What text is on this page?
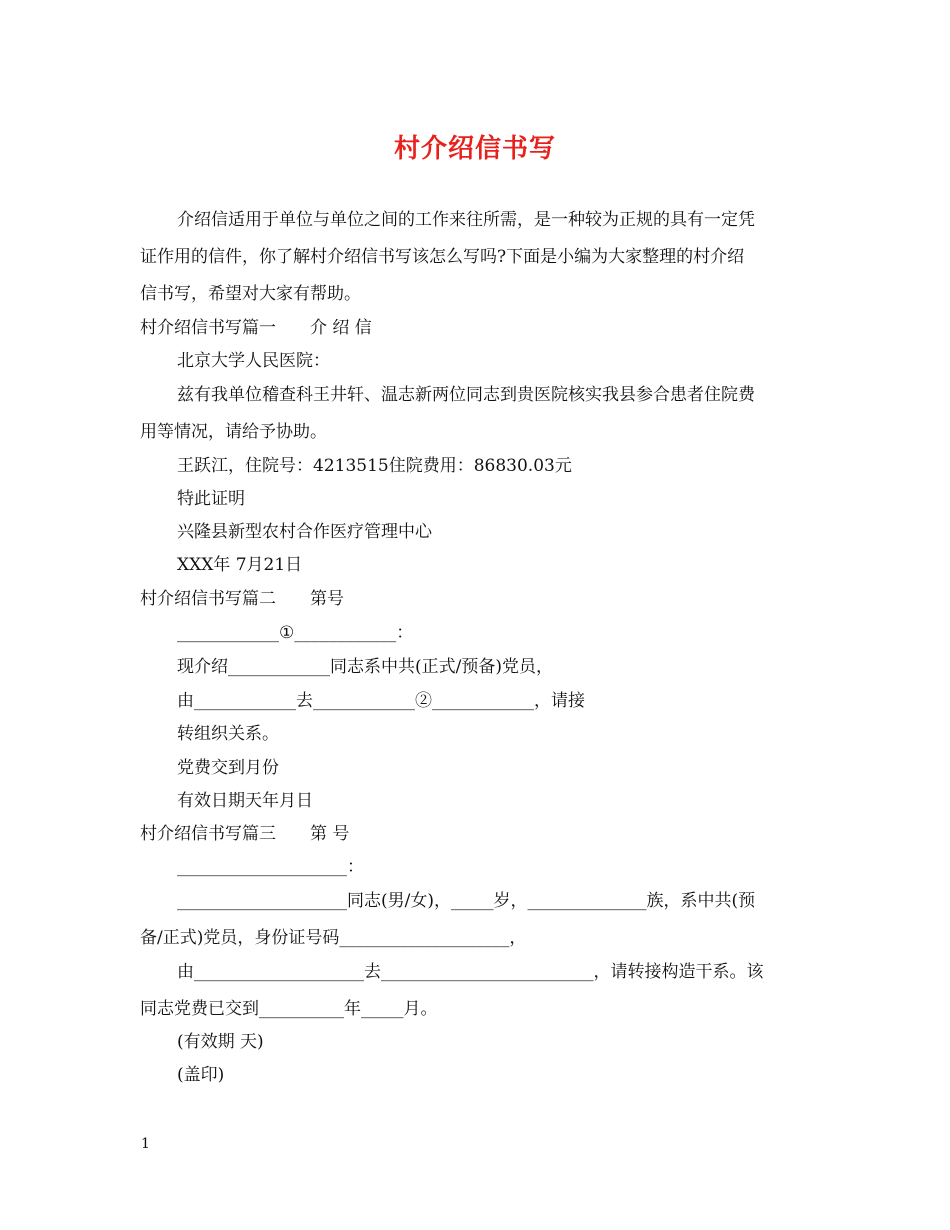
村介绍信书写
介绍信适用于单位与单位之间的工作来往所需，是一种较为正规的具有一定凭
证作用的信件，你了解村介绍信书写该怎么写吗?下面是小编为大家整理的村介绍
信书写，希望对大家有帮助。
村介绍信书写篇一　　介 绍 信
北京大学人民医院：
兹有我单位稽查科王井轩、温志新两位同志到贵医院核实我县参合患者住院费
用等情况，请给予协助。
王跃江，住院号：4213515住院费用：86830.03元
特此证明
兴隆县新型农村合作医疗管理中心
XXX年 7月21日
村介绍信书写篇二　　第号
____________①____________：
现介绍____________同志系中共(正式/预备)党员，
由____________去____________②____________，请接
转组织关系。
党费交到月份
有效日期天年月日
村介绍信书写篇三　　第 号
____________________：
____________________同志(男/女)，_____岁，______________族，系中共(预
备/正式)党员，身份证号码____________________，
由____________________去_________________________，请转接构造干系。该
同志党费已交到__________年_____月。
(有效期 天)
(盖印)
1
